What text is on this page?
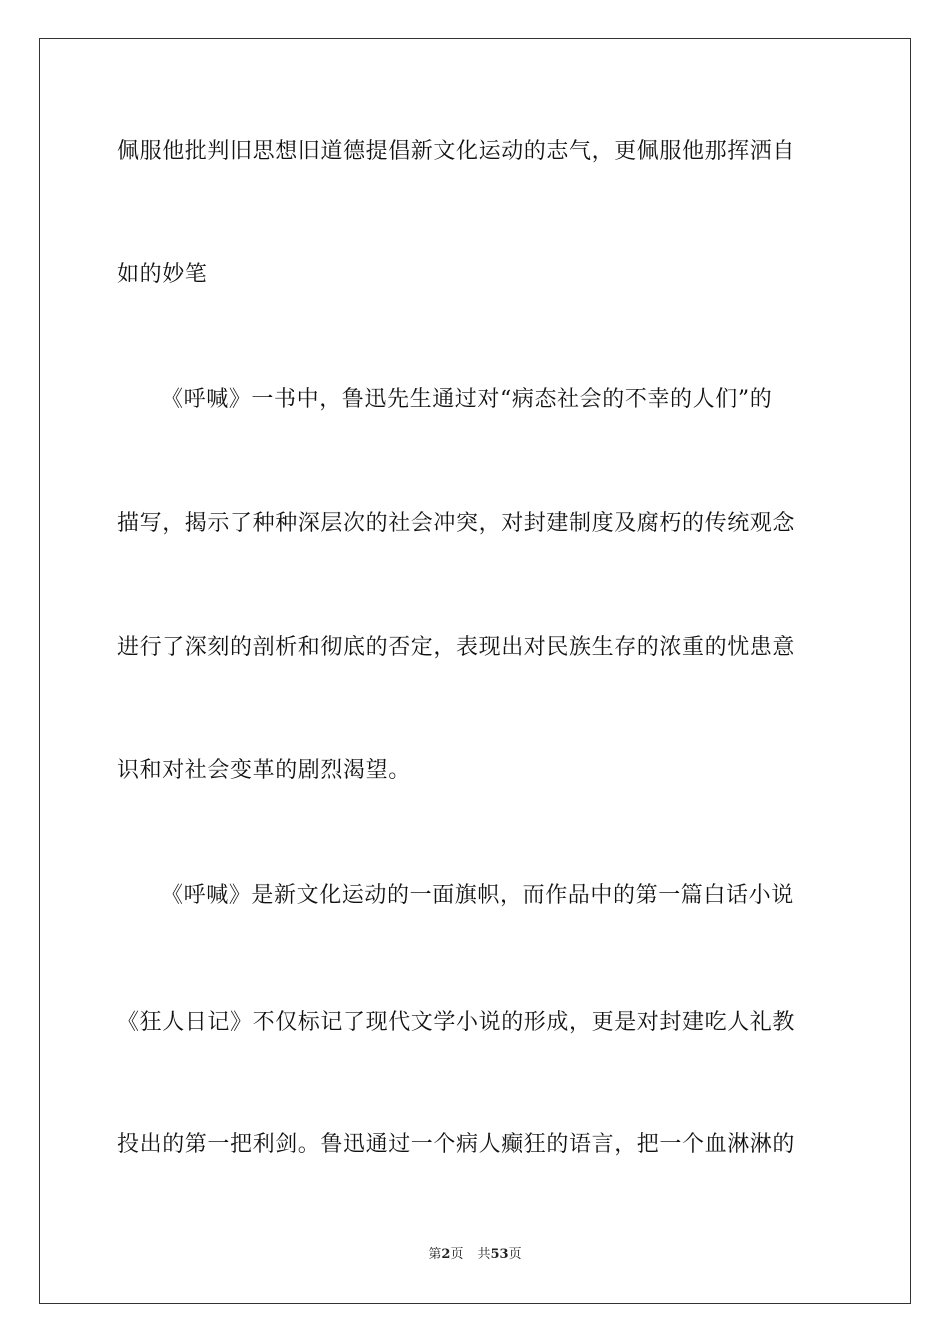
佩服他批判旧思想旧道德提倡新文化运动的志气，更佩服他那挥洒自
如的妙笔
《呼喊》一书中，鲁迅先生通过对“病态社会的不幸的人们”的
描写，揭示了种种深层次的社会冲突，对封建制度及腐朽的传统观念
进行了深刻的剖析和彻底的否定，表现出对民族生存的浓重的忧患意
识和对社会变革的剧烈渴望。
《呼喊》是新文化运动的一面旗帜，而作品中的第一篇白话小说
《狂人日记》不仅标记了现代文学小说的形成，更是对封建吃人礼教
投出的第一把利剑。鲁迅通过一个病人癫狂的语言，把一个血淋淋的
第2页 共53页
